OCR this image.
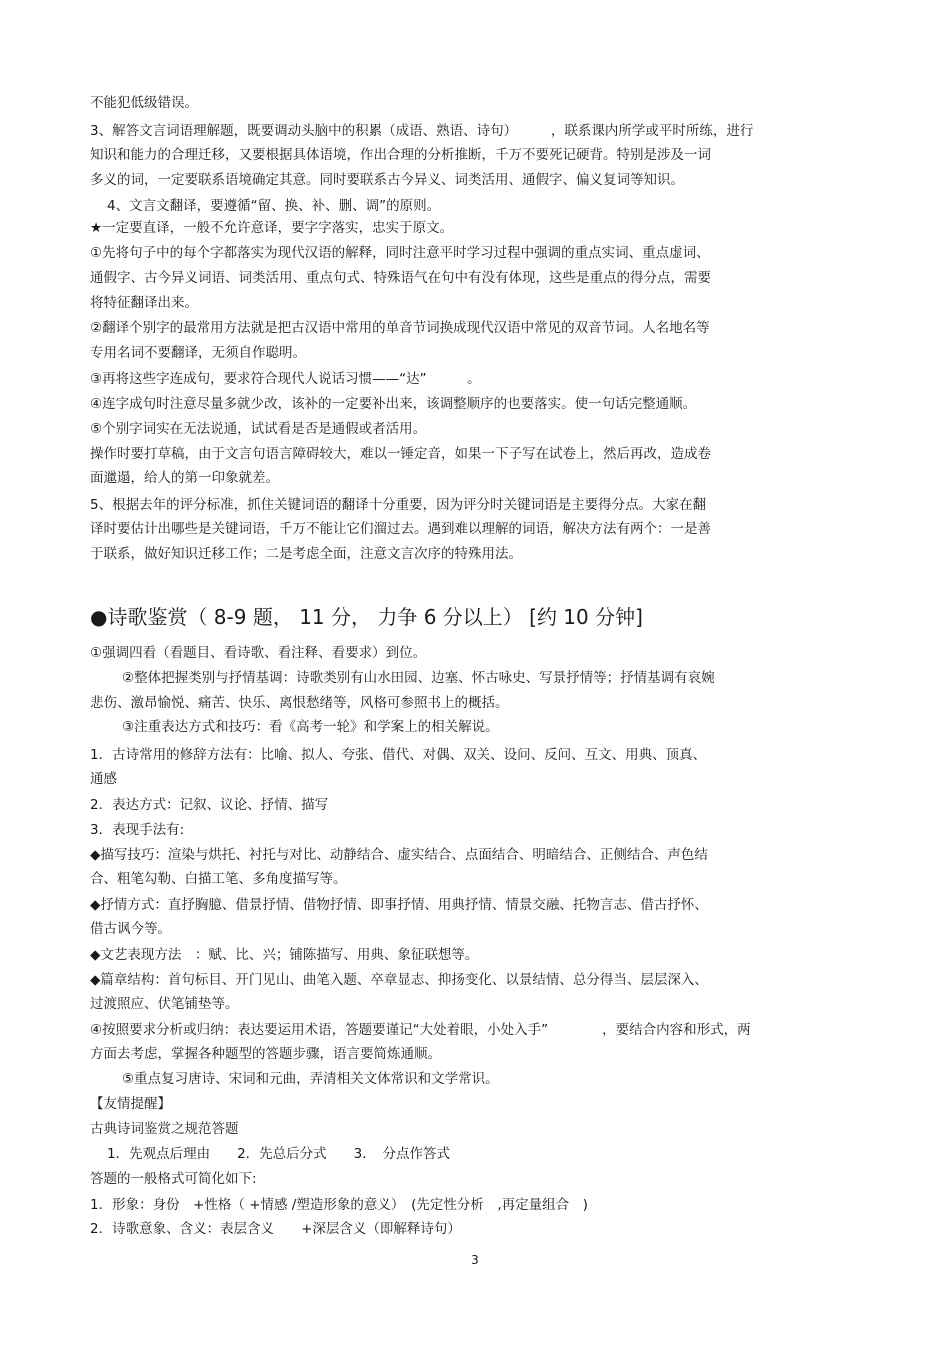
不能犯低级错误。
3、解答文言词语理解题，既要调动头脑中的积累（成语、熟语、诗句）　　　，联系课内所学或平时所练，进行
知识和能力的合理迁移，又要根据具体语境，作出合理的分析推断，千万不要死记硬背。特别是涉及一词
多义的词，一定要联系语境确定其意。同时要联系古今异义、词类活用、通假字、偏义复词等知识。
4、文言文翻译，要遵循“留、换、补、删、调”的原则。
★一定要直译，一般不允许意译，要字字落实，忠实于原文。
①先将句子中的每个字都落实为现代汉语的解释，同时注意平时学习过程中强调的重点实词、重点虚词、
通假字、古今异义词语、词类活用、重点句式、特殊语气在句中有没有体现，这些是重点的得分点，需要
将特征翻译出来。
②翻译个别字的最常用方法就是把古汉语中常用的单音节词换成现代汉语中常见的双音节词。人名地名等
专用名词不要翻译，无须自作聪明。
③再将这些字连成句，要求符合现代人说话习惯——“达”　　　。
④连字成句时注意尽量多就少改，该补的一定要补出来，该调整顺序的也要落实。使一句话完整通顺。
⑤个别字词实在无法说通，试试看是否是通假或者活用。
操作时要打草稿，由于文言句语言障碍较大，难以一锤定音，如果一下子写在试卷上，然后再改，造成卷
面邋遢，给人的第一印象就差。
5、根据去年的评分标准，抓住关键词语的翻译十分重要，因为评分时关键词语是主要得分点。大家在翻
译时要估计出哪些是关键词语，千万不能让它们溜过去。遇到难以理解的词语，解决方法有两个：一是善
于联系，做好知识迁移工作；二是考虑全面，注意文言次序的特殊用法。
●诗歌鉴赏（ 8-9 题， 11 分， 力争 6 分以上） [约 10 分钟]
①强调四看（看题目、看诗歌、看注释、看要求）到位。
②整体把握类别与抒情基调：诗歌类别有山水田园、边塞、怀古咏史、写景抒情等；抒情基调有哀婉
悲伤、激昂愉悦、痛苦、快乐、离恨愁绪等，风格可参照书上的概括。
③注重表达方式和技巧：看《高考一轮》和学案上的相关解说。
1．古诗常用的修辞方法有：比喻、拟人、夸张、借代、对偶、双关、设问、反问、互文、用典、顶真、
通感
2．表达方式：记叙、议论、抒情、描写
3．表现手法有:
◆描写技巧：渲染与烘托、衬托与对比、动静结合、虚实结合、点面结合、明暗结合、正侧结合、声色结
合、粗笔勾勒、白描工笔、多角度描写等。
◆抒情方式：直抒胸臆、借景抒情、借物抒情、即事抒情、用典抒情、情景交融、托物言志、借古抒怀、
借古讽今等。
◆文艺表现方法　：赋、比、兴；铺陈描写、用典、象征联想等。
◆篇章结构：首句标目、开门见山、曲笔入题、卒章显志、抑扬变化、以景结情、总分得当、层层深入、
过渡照应、伏笔铺垫等。
④按照要求分析或归纳：表达要运用术语，答题要谨记“大处着眼，小处入手”　　　　，要结合内容和形式，两
方面去考虑，掌握各种题型的答题步骤，语言要简炼通顺。
⑤重点复习唐诗、宋词和元曲，弄清相关文体常识和文学常识。
【友情提醒】
古典诗词鉴赏之规范答题
1．先观点后理由　　2．先总后分式　　3．　分点作答式
答题的一般格式可简化如下:
1．形象：身份　+性格（ +情感 /塑造形象的意义）　(先定性分析　,再定量组合　)
2．诗歌意象、含义：表层含义　　+深层含义（即解释诗句）
3
